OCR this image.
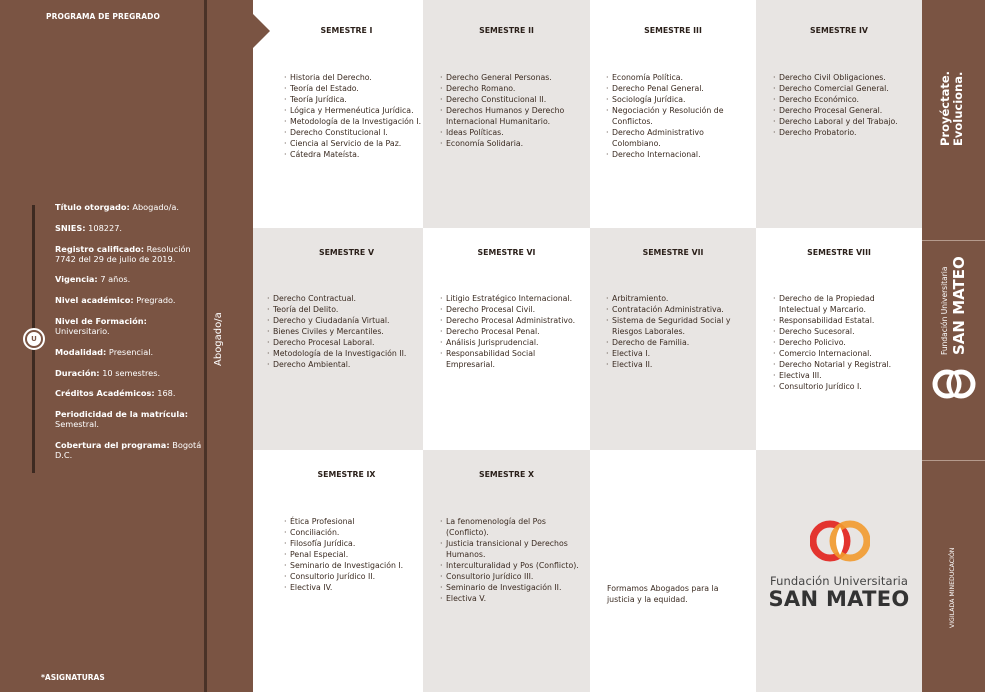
PROGRAMA DE PREGRADO
U
Título otorgado: Abogado/a.
SNIES: 108227.
Registro calificado: Resolución 7742 del 29 de julio de 2019.
Vigencia: 7 años.
Nivel académico: Pregrado.
Nivel de Formación: Universitario.
Modalidad: Presencial.
Duración: 10 semestres.
Créditos Académicos: 168.
Periodicidad de la matrícula: Semestral.
Cobertura del programa: Bogotá D.C.
*ASIGNATURAS
Abogado/a
SEMESTRE I
· Historia del Derecho.
· Teoría del Estado.
· Teoría Jurídica.
· Lógica y Hermenéutica Jurídica.
· Metodología de la Investigación I.
· Derecho Constitucional I.
· Ciencia al Servicio de la Paz.
· Cátedra Mateísta.
SEMESTRE II
· Derecho General Personas.
· Derecho Romano.
· Derecho Constitucional II.
· Derechos Humanos y Derecho Internacional Humanitario.
· Ideas Políticas.
· Economía Solidaria.
SEMESTRE III
· Economía Política.
· Derecho Penal General.
· Sociología Jurídica.
· Negociación y Resolución de Conflictos.
· Derecho Administrativo Colombiano.
· Derecho Internacional.
SEMESTRE IV
· Derecho Civil Obligaciones.
· Derecho Comercial General.
· Derecho Económico.
· Derecho Procesal General.
· Derecho Laboral y del Trabajo.
· Derecho Probatorio.
SEMESTRE V
· Derecho Contractual.
· Teoría del Delito.
· Derecho y Ciudadanía Virtual.
· Bienes Civiles y Mercantiles.
· Derecho Procesal Laboral.
· Metodología de la Investigación II.
· Derecho Ambiental.
SEMESTRE VI
· Litigio Estratégico Internacional.
· Derecho Procesal Civil.
· Derecho Procesal Administrativo.
· Derecho Procesal Penal.
· Análisis Jurisprudencial.
· Responsabilidad Social Empresarial.
SEMESTRE VII
· Arbitramiento.
· Contratación Administrativa.
· Sistema de Seguridad Social y Riesgos Laborales.
· Derecho de Familia.
· Electiva I.
· Electiva II.
SEMESTRE VIII
· Derecho de la Propiedad Intelectual y Marcario.
· Responsabilidad Estatal.
· Derecho Sucesoral.
· Derecho Policivo.
· Comercio Internacional.
· Derecho Notarial y Registral.
· Electiva III.
· Consultorio Jurídico I.
SEMESTRE IX
· Ética Profesional
· Conciliación.
· Filosofía Jurídica.
· Penal Especial.
· Seminario de Investigación I.
· Consultorio Jurídico II.
· Electiva IV.
SEMESTRE X
· La fenomenología del Pos (Conflicto).
· Justicia transicional y Derechos Humanos.
· Interculturalidad y Pos (Conflicto).
· Consultorio Jurídico III.
· Seminario de Investigación II.
· Electiva V.
Formamos Abogados para la justicia y la equidad.
Fundación Universitaria
SAN MATEO
Proyéctate. Evoluciona.
Fundación Universitaria SAN MATEO
VIGILADA MINEDUCACIÓN
